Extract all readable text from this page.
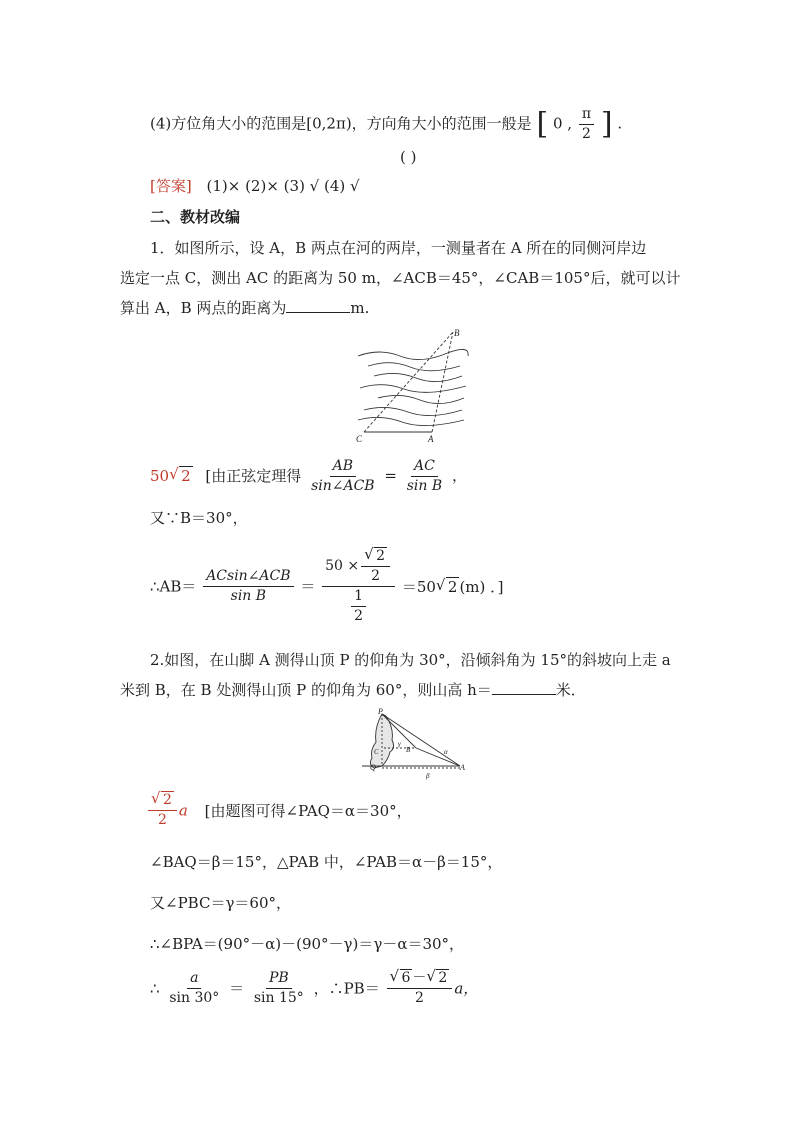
(4)方位角大小的范围是[0,2π)，方向角大小的范围一般是 [ 0 , $\frac{\pi}{2}$ ] .
( )
[答案] (1)× (2)× (3) √ (4) √
二、教材改编
1．如图所示，设 A，B 两点在河的两岸，一测量者在 A 所在的同侧河岸边
选定一点 C，测出 AC 的距离为 50 m，∠ACB＝45°，∠CAB＝105°后，就可以计
算出 A，B 两点的距离为	m.
B
C	A
50 √ 2 [由正弦定理得 $\frac{AB}{\text{sin∠ACB}} = \frac{AC}{\text{sin B}}$ ，
又∵B＝30°，
∴AB＝ $\frac{\text{ACsin∠ACB}}{\text{sin B}} = \frac{50 \times \frac{√ 2}{2}}{\frac{1}{2}} =50$ √ 2 (m) ．]
2.如图，在山脚 A 测得山顶 P 的仰角为 30°，沿倾斜角为 15°的斜坡向上走 a
米到 B，在 B 处测得山顶 P 的仰角为 60°，则山高 h＝	米．
P
Q
C	B
A
α
β
γ
$\frac{√ 2}{2}$ a [由题图可得∠PAQ＝α＝30°，
∠BAQ＝β＝15°，△PAB 中，∠PAB＝α－β＝15°，
又∠PBC＝γ＝60°，
∴∠BPA＝(90°－α)－(90°－γ)＝γ－α＝30°，
∴ $\frac{a}{\sin 30^\circ} = \frac{PB}{\sin 15^\circ}$ ，∴PB＝ $\frac{√ 6 - √ 2}{2}$ a，
